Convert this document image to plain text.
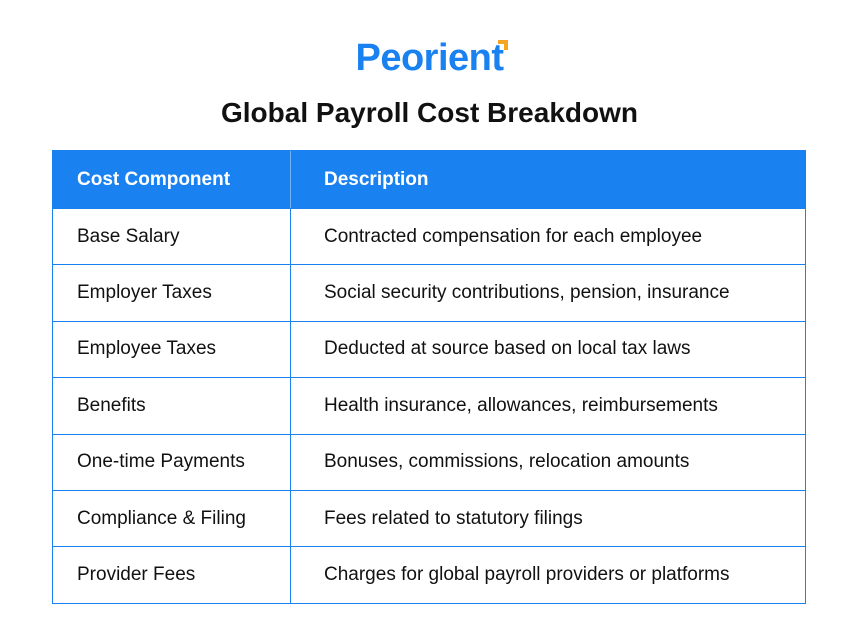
Peorient
Global Payroll Cost Breakdown
Cost Component	Description
Base Salary	Contracted compensation for each employee
Employer Taxes	Social security contributions, pension, insurance
Employee Taxes	Deducted at source based on local tax laws
Benefits	Health insurance, allowances, reimbursements
One-time Payments	Bonuses, commissions, relocation amounts
Compliance & Filing	Fees related to statutory filings
Provider Fees	Charges for global payroll providers or platforms
